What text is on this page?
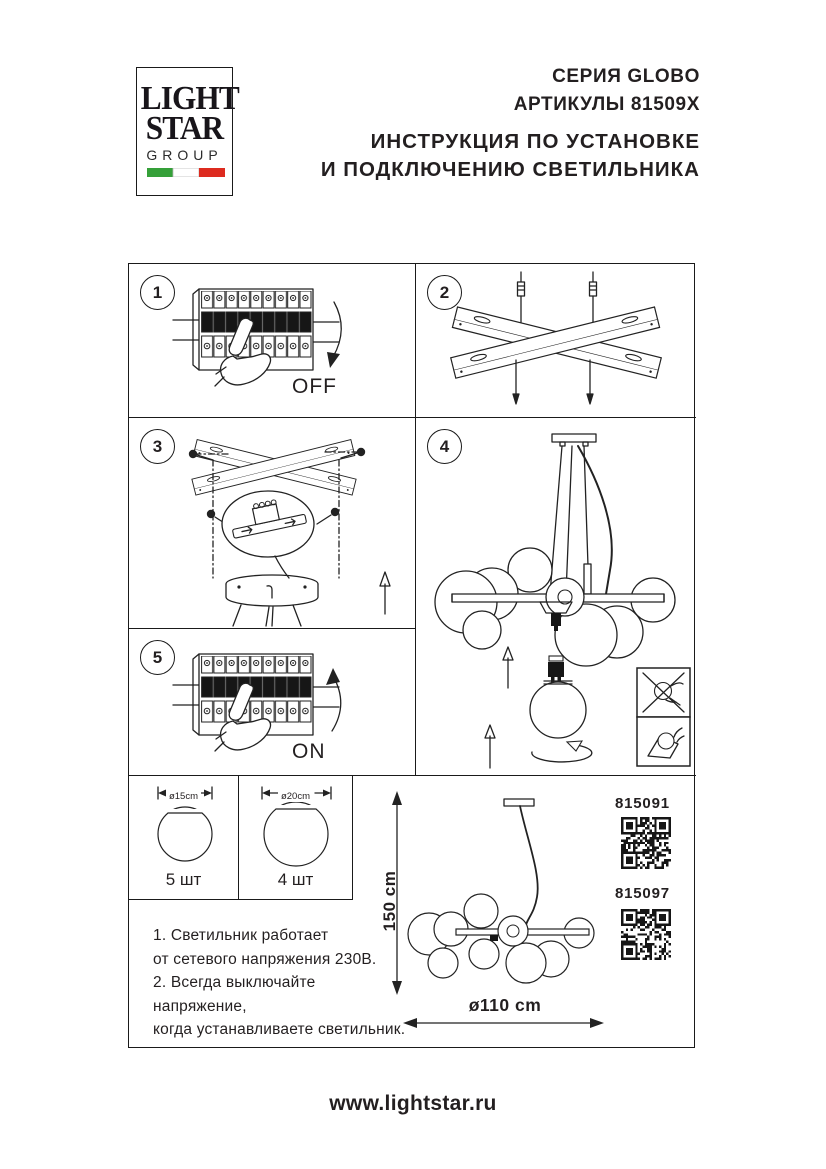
LIGHT
STAR
GROUP
СЕРИЯ GLOBO
АРТИКУЛЫ 81509X
ИНСТРУКЦИЯ ПО УСТАНОВКЕ
И ПОДКЛЮЧЕНИЮ СВЕТИЛЬНИКА
1
OFF
2
3	4
5
ON
ø15cm
5 шт
ø20cm
4 шт
1. Светильник работает
от сетевого напряжения 230В.
2. Всегда выключайте напряжение,
когда устанавливаете светильник.
150 cm
ø110 cm
815091
815097
www.lightstar.ru
